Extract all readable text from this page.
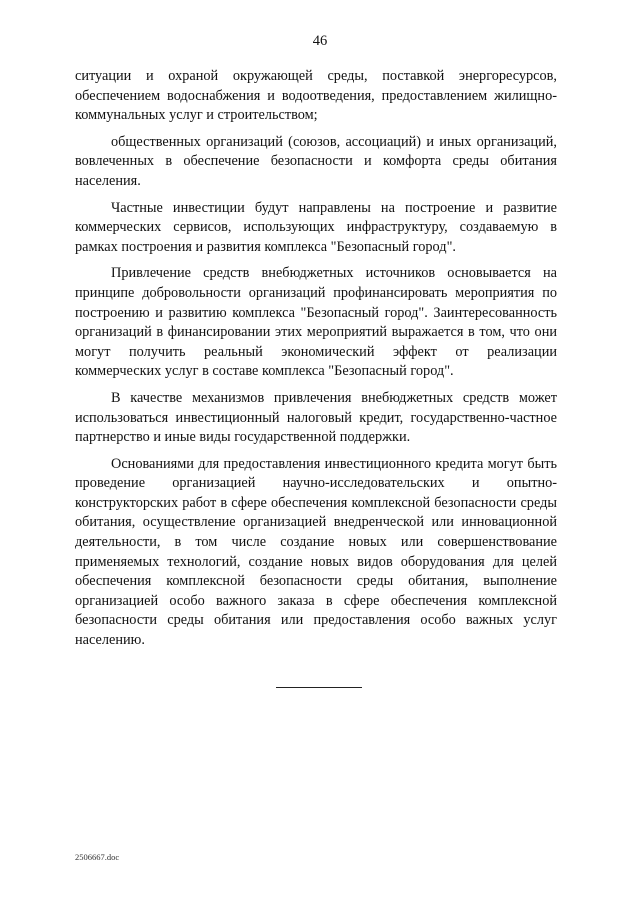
46

ситуации и охраной окружающей среды, поставкой энергоресурсов, обеспечением водоснабжения и водоотведения, предоставлением жилищно-коммунальных услуг и строительством;

общественных организаций (союзов, ассоциаций) и иных организаций, вовлеченных в обеспечение безопасности и комфорта среды обитания населения.

Частные инвестиции будут направлены на построение и развитие коммерческих сервисов, использующих инфраструктуру, создаваемую в рамках построения и развития комплекса "Безопасный город".

Привлечение средств внебюджетных источников основывается на принципе добровольности организаций профинансировать мероприятия по построению и развитию комплекса "Безопасный город". Заинтересованность организаций в финансировании этих мероприятий выражается в том, что они могут получить реальный экономический эффект от реализации коммерческих услуг в составе комплекса "Безопасный город".

В качестве механизмов привлечения внебюджетных средств может использоваться инвестиционный налоговый кредит, государственно-частное партнерство и иные виды государственной поддержки.

Основаниями для предоставления инвестиционного кредита могут быть проведение организацией научно-исследовательских и опытно-конструкторских работ в сфере обеспечения комплексной безопасности среды обитания, осуществление организацией внедренческой или инновационной деятельности, в том числе создание новых или совершенствование применяемых технологий, создание новых видов оборудования для целей обеспечения комплексной безопасности среды обитания, выполнение организацией особо важного заказа в сфере обеспечения комплексной безопасности среды обитания или предоставления особо важных услуг населению.

2506667.doc
